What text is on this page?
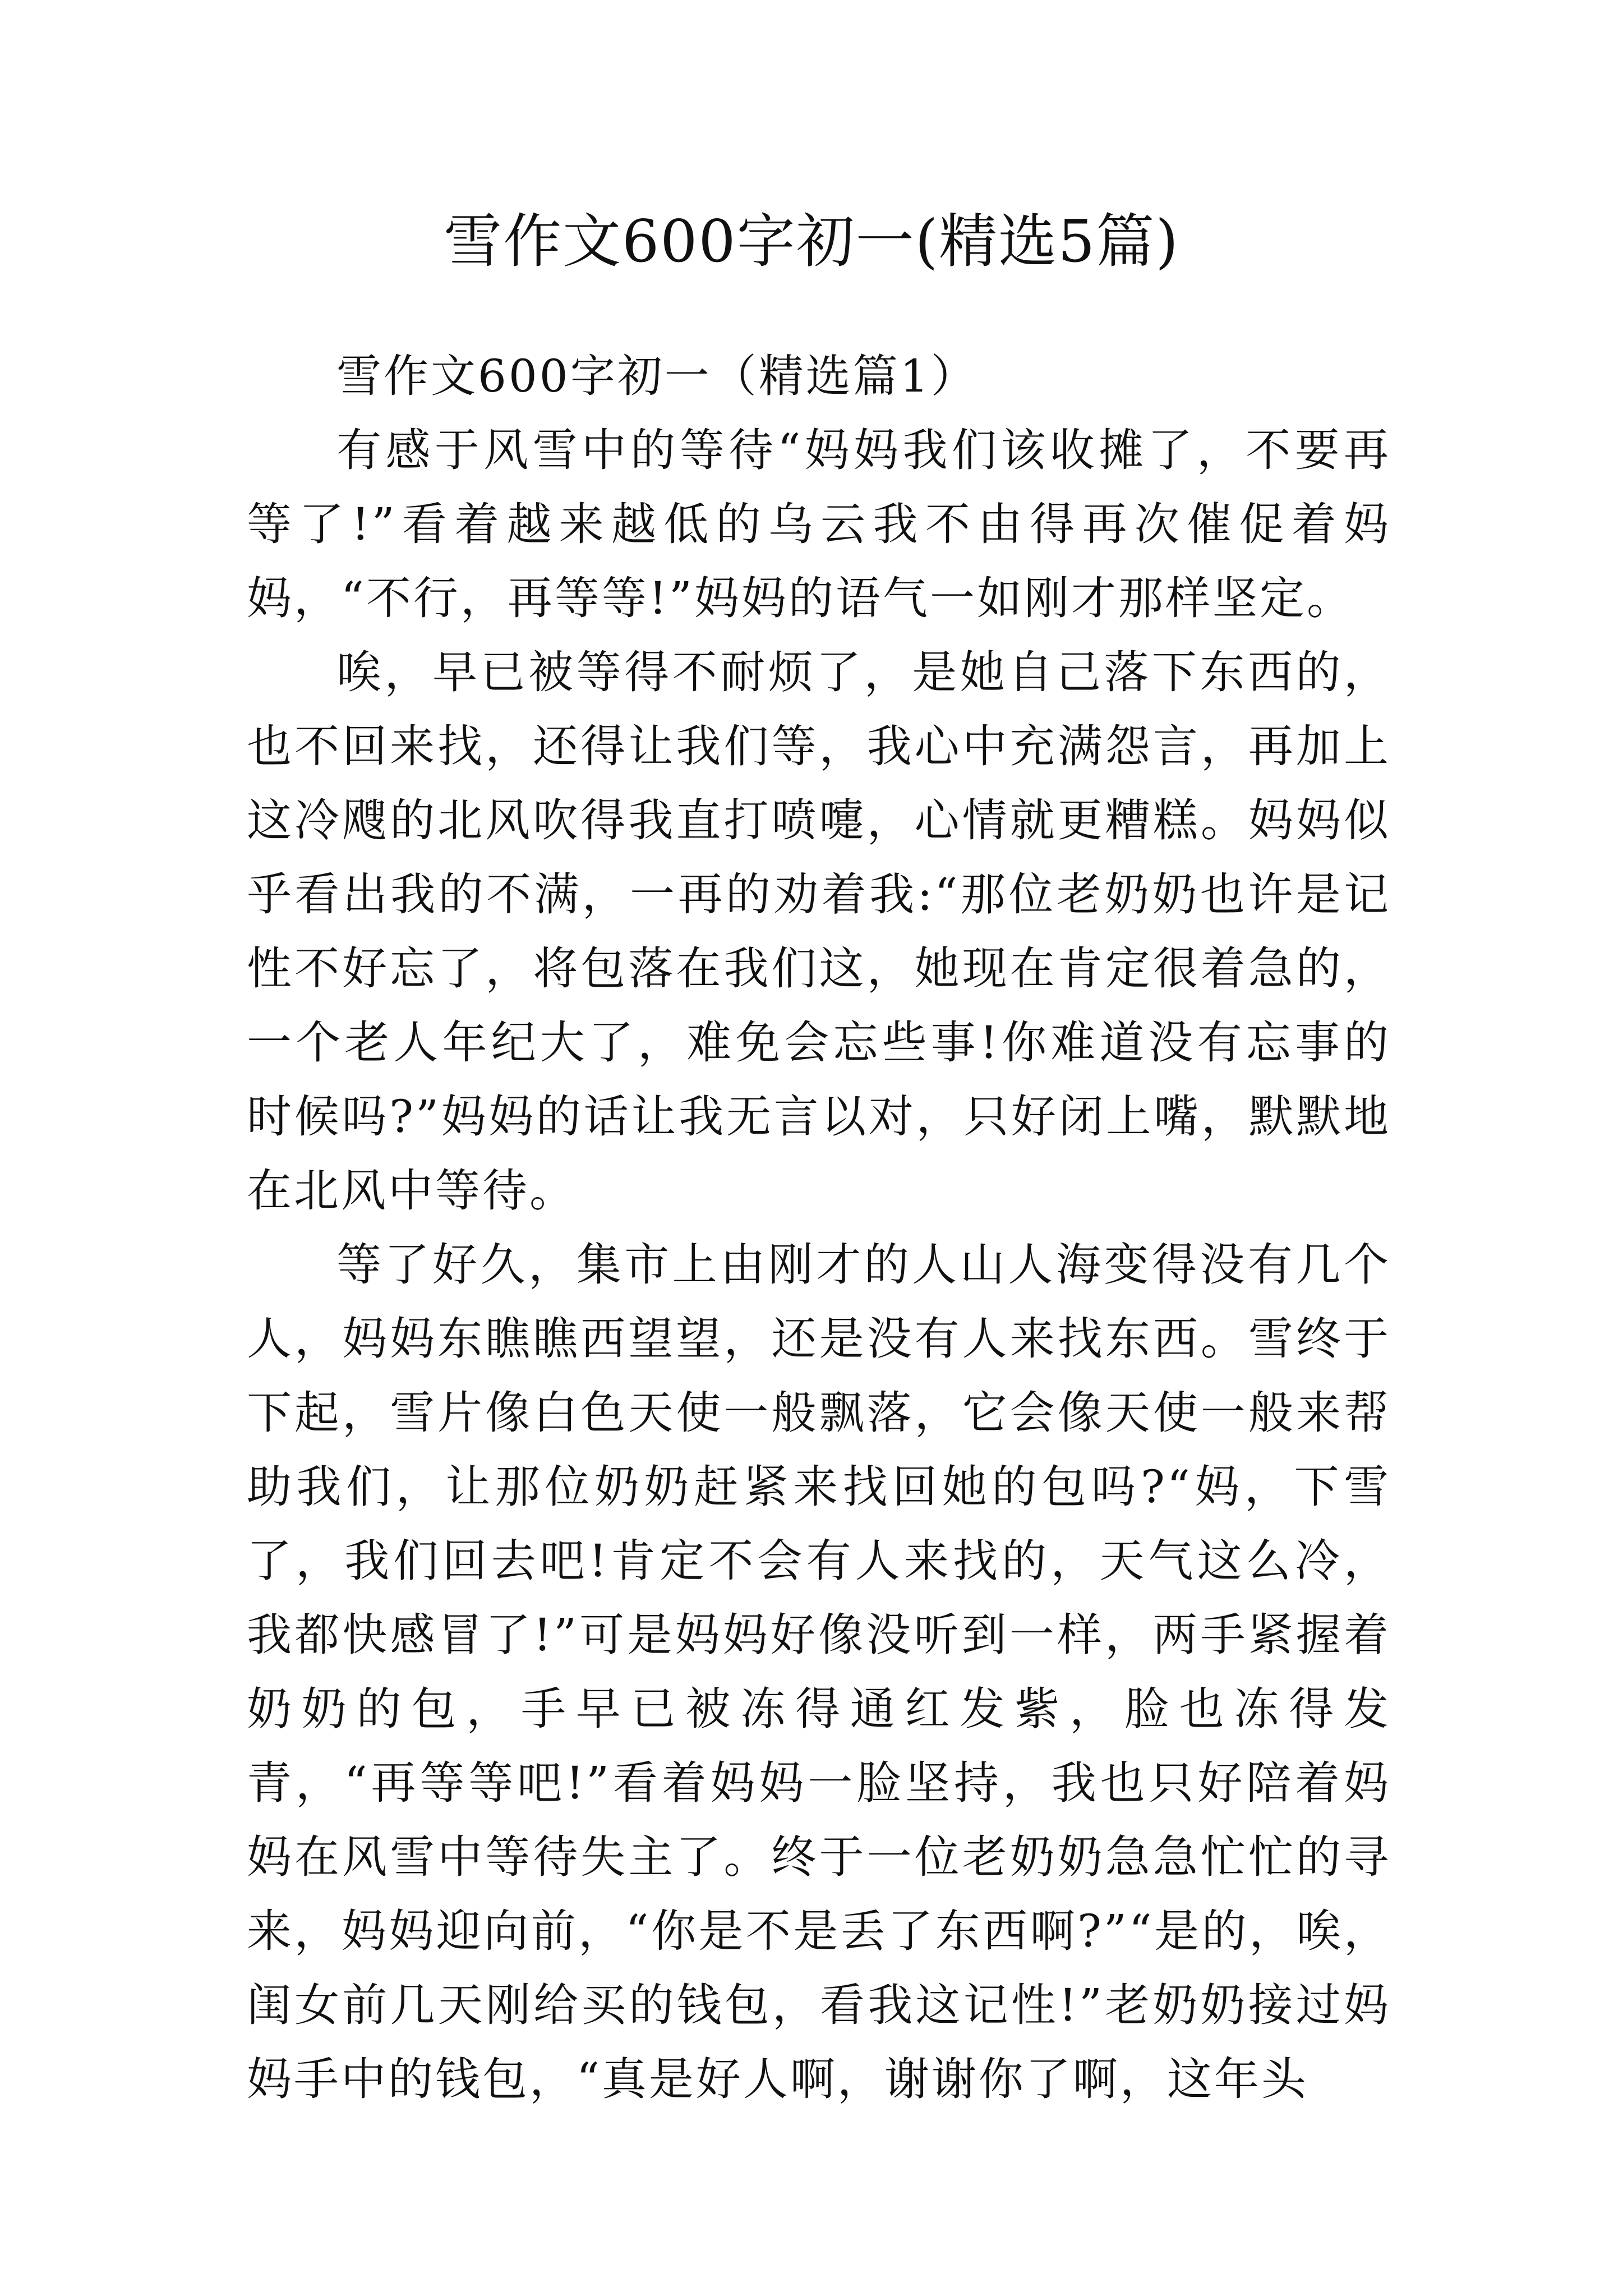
雪作文600字初一(精选5篇)

雪作文600字初一（精选篇1）

有感于风雪中的等待“妈妈我们该收摊了，不要再等了!”看着越来越低的乌云我不由得再次催促着妈妈，“不行，再等等!”妈妈的语气一如刚才那样坚定。

唉，早已被等得不耐烦了，是她自己落下东西的，也不回来找，还得让我们等，我心中充满怨言，再加上这冷飕的北风吹得我直打喷嚏，心情就更糟糕。妈妈似乎看出我的不满，一再的劝着我:“那位老奶奶也许是记性不好忘了，将包落在我们这，她现在肯定很着急的，一个老人年纪大了，难免会忘些事!你难道没有忘事的时候吗?”妈妈的话让我无言以对，只好闭上嘴，默默地在北风中等待。

等了好久，集市上由刚才的人山人海变得没有几个人，妈妈东瞧瞧西望望，还是没有人来找东西。雪终于下起，雪片像白色天使一般飘落，它会像天使一般来帮助我们，让那位奶奶赶紧来找回她的包吗?“妈，下雪了，我们回去吧!肯定不会有人来找的，天气这么冷，我都快感冒了!”可是妈妈好像没听到一样，两手紧握着奶奶的包，手早已被冻得通红发紫，脸也冻得发青，“再等等吧!”看着妈妈一脸坚持，我也只好陪着妈妈在风雪中等待失主了。终于一位老奶奶急急忙忙的寻来，妈妈迎向前，“你是不是丢了东西啊?”“是的，唉，闺女前几天刚给买的钱包，看我这记性!”老奶奶接过妈妈手中的钱包，“真是好人啊，谢谢你了啊，这年头
